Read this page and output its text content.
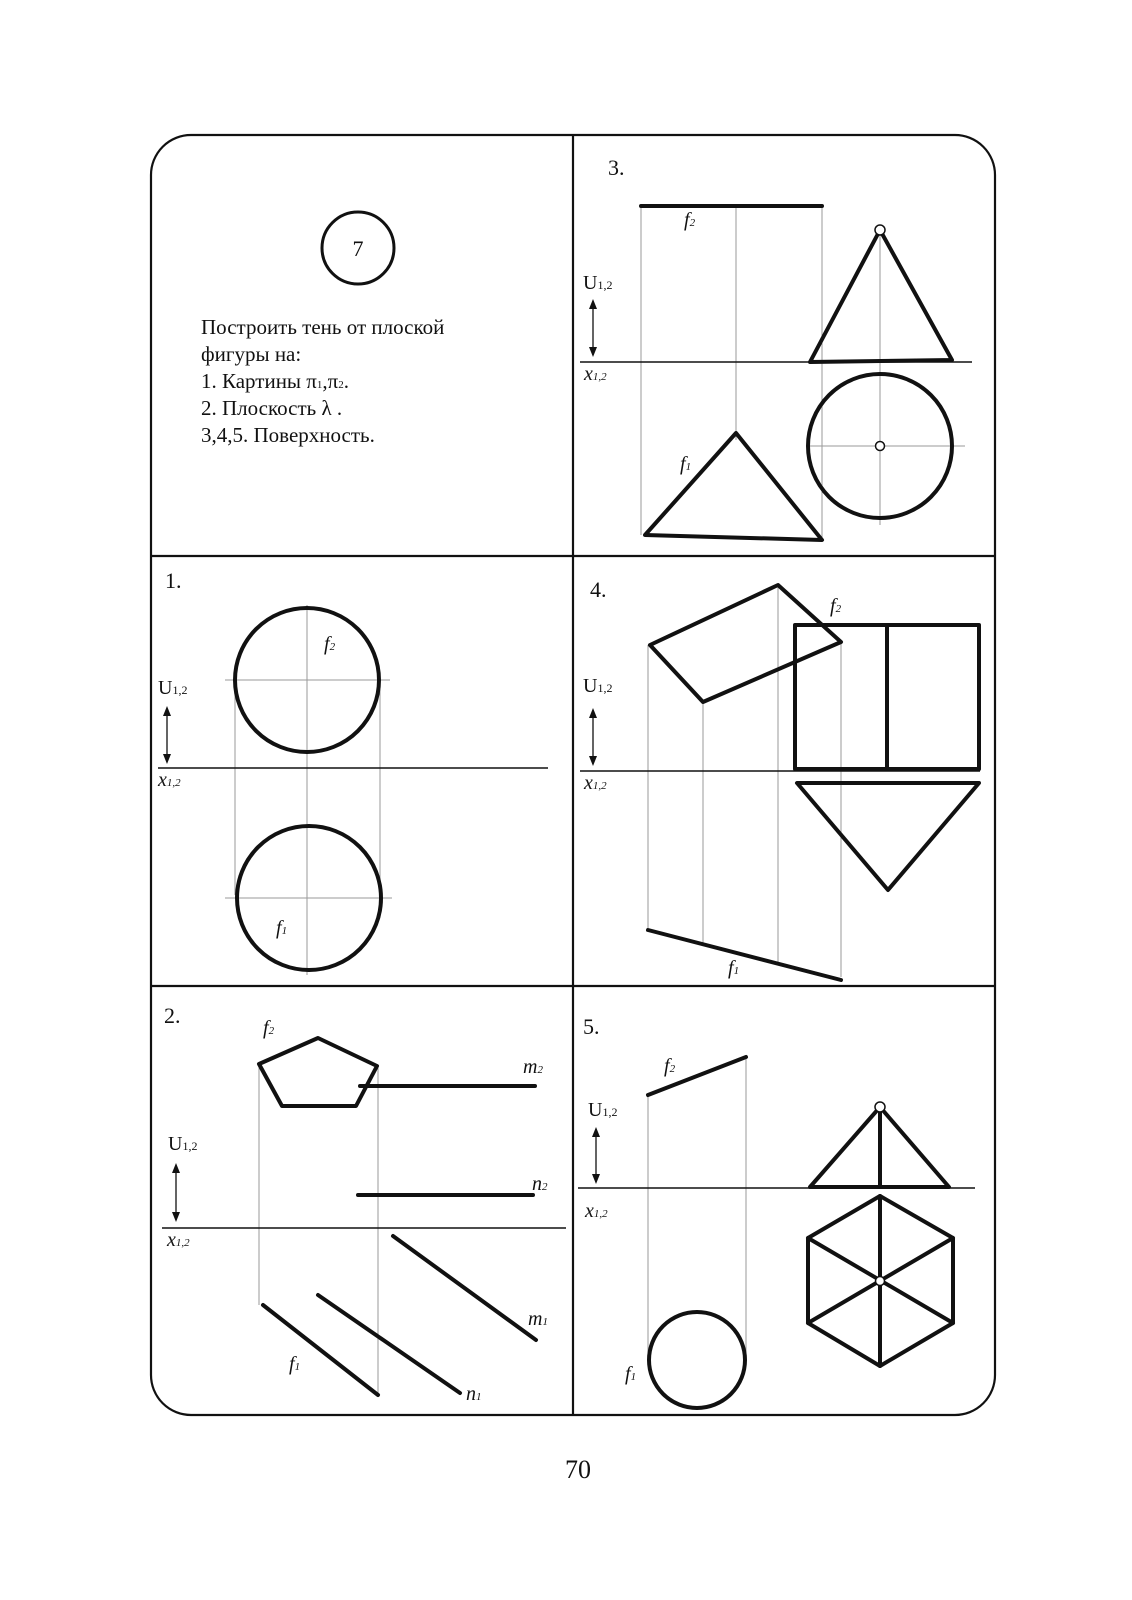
7
Построить тень от плоской
фигуры на:
1. Картины π1,π2.
2. Плоскость λ .
3,4,5. Поверхность.
3.
x1,2
U1,2
f2
f1
1.
x1,2
U1,2
f2
f1
4.
x1,2
U1,2
f2
f1
2.
x1,2
U1,2
f2
m2
n2
f1
n1
m1
5.
x1,2
U1,2
f2
f1
70
